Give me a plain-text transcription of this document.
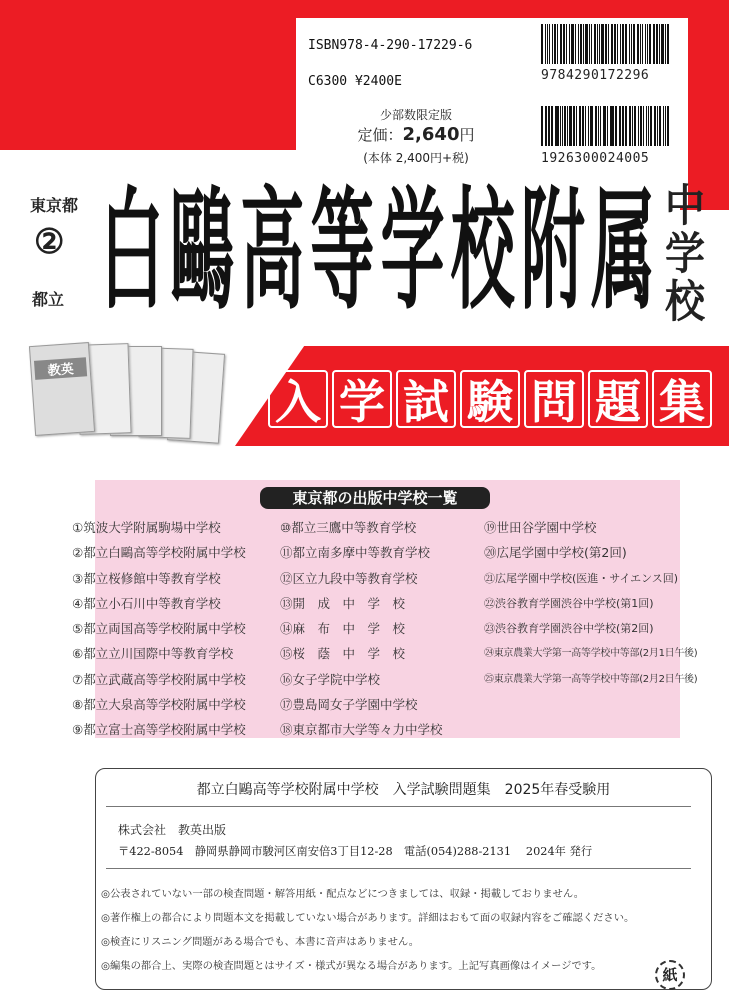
ISBN978-4-290-17229-6
C6300 ¥2400E	9784290172296
1926300024005
少部数限定版
定価：2,640円
(本体 2,400円+税)
東京都
②
都立 白 鷗 高 等 学 校 附 属 中
学
校
教英
入 学 試 験 問 題 集
東京都の出版中学校一覧
①筑波大学附属駒場中学校
②都立白鷗高等学校附属中学校
③都立桜修館中等教育学校
④都立小石川中等教育学校
⑤都立両国高等学校附属中学校
⑥都立立川国際中等教育学校
⑦都立武蔵高等学校附属中学校
⑧都立大泉高等学校附属中学校
⑨都立富士高等学校附属中学校
⑩都立三鷹中等教育学校
⑪都立南多摩中等教育学校
⑫区立九段中等教育学校
⑬開　成　中　学　校
⑭麻　布　中　学　校
⑮桜　蔭　中　学　校
⑯女子学院中学校
⑰豊島岡女子学園中学校
⑱東京都市大学等々力中学校
⑲世田谷学園中学校
⑳広尾学園中学校(第2回)
㉑広尾学園中学校(医進・サイエンス回)
㉒渋谷教育学園渋谷中学校(第1回)
㉓渋谷教育学園渋谷中学校(第2回)
㉔東京農業大学第一高等学校中等部(2月1日午後)
㉕東京農業大学第一高等学校中等部(2月2日午後)
都立白鷗高等学校附属中学校　入学試験問題集　2025年春受験用
株式会社　教英出版
〒422-8054　静岡県静岡市駿河区南安倍3丁目12-28　電話(054)288-2131　 2024年 発行
◎公表されていない一部の検査問題・解答用紙・配点などにつきましては、収録・掲載しておりません。
◎著作権上の都合により問題本文を掲載していない場合があります。詳細はおもて面の収録内容をご確認ください。
◎検査にリスニング問題がある場合でも、本書に音声はありません。
◎編集の都合上、実際の検査問題とはサイズ・様式が異なる場合があります。上記写真画像はイメージです。	紙
